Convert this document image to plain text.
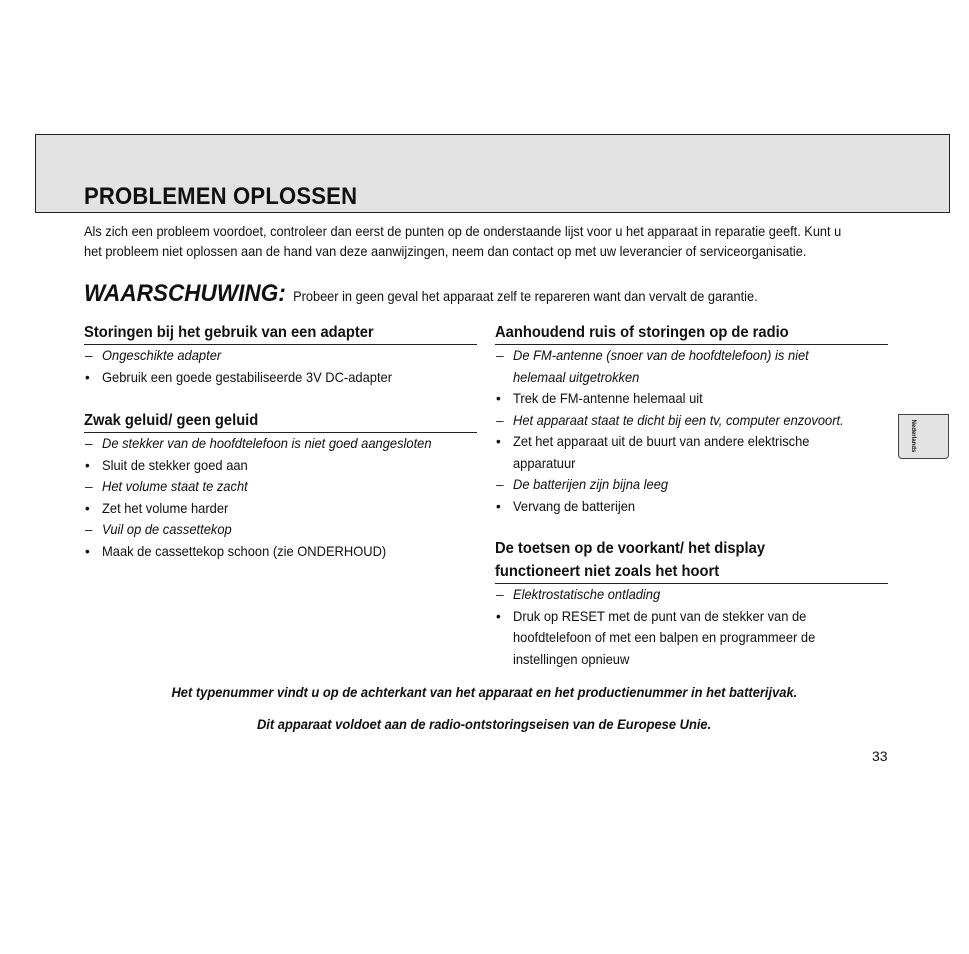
PROBLEMEN OPLOSSEN

Als zich een probleem voordoet, controleer dan eerst de punten op de onderstaande lijst voor u het apparaat in reparatie geeft. Kunt u het probleem niet oplossen aan de hand van deze aanwijzingen, neem dan contact op met uw leverancier of serviceorganisatie.

WAARSCHUWING: Probeer in geen geval het apparaat zelf te repareren want dan vervalt de garantie.
Storingen bij het gebruik van een adapter
– Ongeschikte adapter
• Gebruik een goede gestabiliseerde 3V DC-adapter
Zwak geluid/ geen geluid
– De stekker van de hoofdtelefoon is niet goed aangesloten
• Sluit de stekker goed aan
– Het volume staat te zacht
• Zet het volume harder
– Vuil op de cassettekop
• Maak de cassettekop schoon (zie ONDERHOUD)
Aanhoudend ruis of storingen op de radio
– De FM-antenne (snoer van de hoofdtelefoon) is niet
helemaal uitgetrokken
• Trek de FM-antenne helemaal uit
– Het apparaat staat te dicht bij een tv, computer enzovoort.
• Zet het apparaat uit de buurt van andere elektrische
apparatuur
– De batterijen zijn bijna leeg
• Vervang de batterijen
De toetsen op de voorkant/ het display
functioneert niet zoals het hoort
– Elektrostatische ontlading
• Druk op RESET met de punt van de stekker van de
hoofdtelefoon of met een balpen en programmeer de
instellingen opnieuw
Het typenummer vindt u op de achterkant van het apparaat en het productienummer in het batterijvak.
Dit apparaat voldoet aan de radio-ontstoringseisen van de Europese Unie.
33
Nederlands
